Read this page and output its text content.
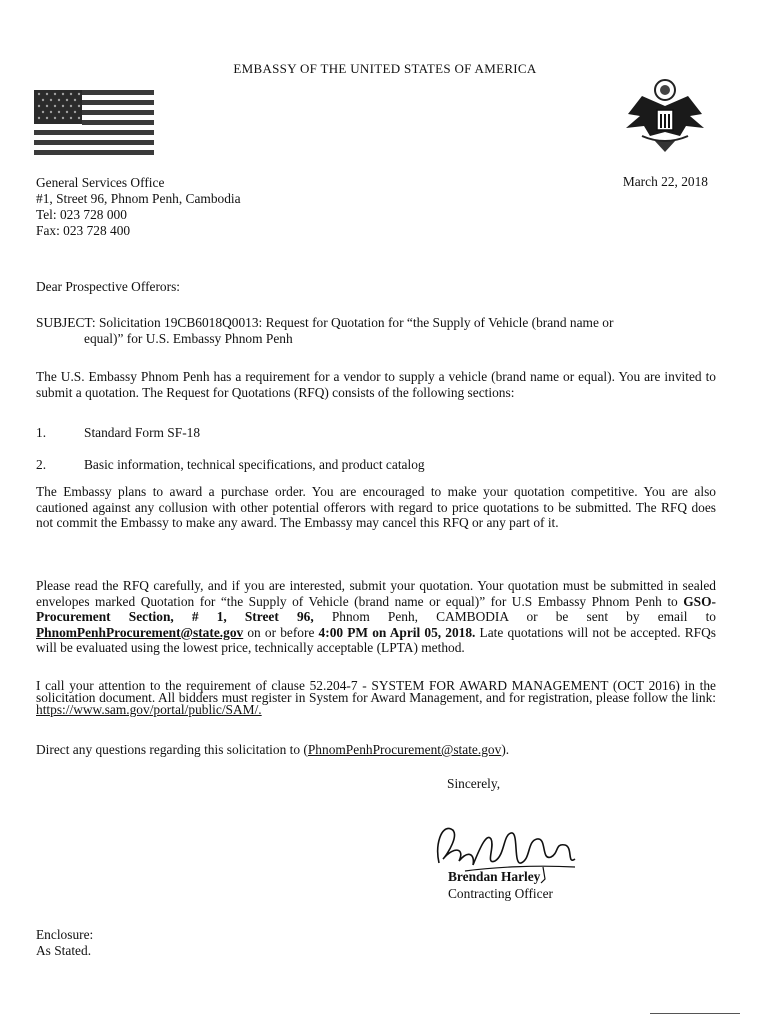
EMBASSY OF THE UNITED STATES OF AMERICA
March 22, 2018
General Services Office
#1, Street 96, Phnom Penh, Cambodia
Tel: 023 728 000
Fax: 023 728 400
Dear Prospective Offerors:
SUBJECT: Solicitation 19CB6018Q0013: Request for Quotation for “the Supply of Vehicle (brand name or
equal)” for U.S. Embassy Phnom Penh
The U.S. Embassy Phnom Penh has a requirement for a vendor to supply a vehicle (brand name or equal). You are invited to submit a quotation. The Request for Quotations (RFQ) consists of the following sections:
1.	Standard Form SF-18
2.	Basic information, technical specifications, and product catalog
The Embassy plans to award a purchase order. You are encouraged to make your quotation competitive. You are also cautioned against any collusion with other potential offerors with regard to price quotations to be submitted. The RFQ does not commit the Embassy to make any award. The Embassy may cancel this RFQ or any part of it.
Please read the RFQ carefully, and if you are interested, submit your quotation. Your quotation must be submitted in sealed envelopes marked Quotation for “the Supply of Vehicle (brand name or equal)” for U.S Embassy Phnom Penh to GSO-Procurement Section, # 1, Street 96, Phnom Penh, CAMBODIA or be sent by email to PhnomPenhProcurement@state.gov on or before 4:00 PM on April 05, 2018. Late quotations will not be accepted. RFQs will be evaluated using the lowest price, technically acceptable (LPTA) method.
I call your attention to the requirement of clause 52.204-7 - SYSTEM FOR AWARD MANAGEMENT (OCT 2016) in the solicitation document. All bidders must register in System for Award Management, and for registration, please follow the link: https://www.sam.gov/portal/public/SAM/.
Direct any questions regarding this solicitation to (PhnomPenhProcurement@state.gov).
Sincerely,
Brendan Harley
Contracting Officer
Enclosure:
As Stated.
